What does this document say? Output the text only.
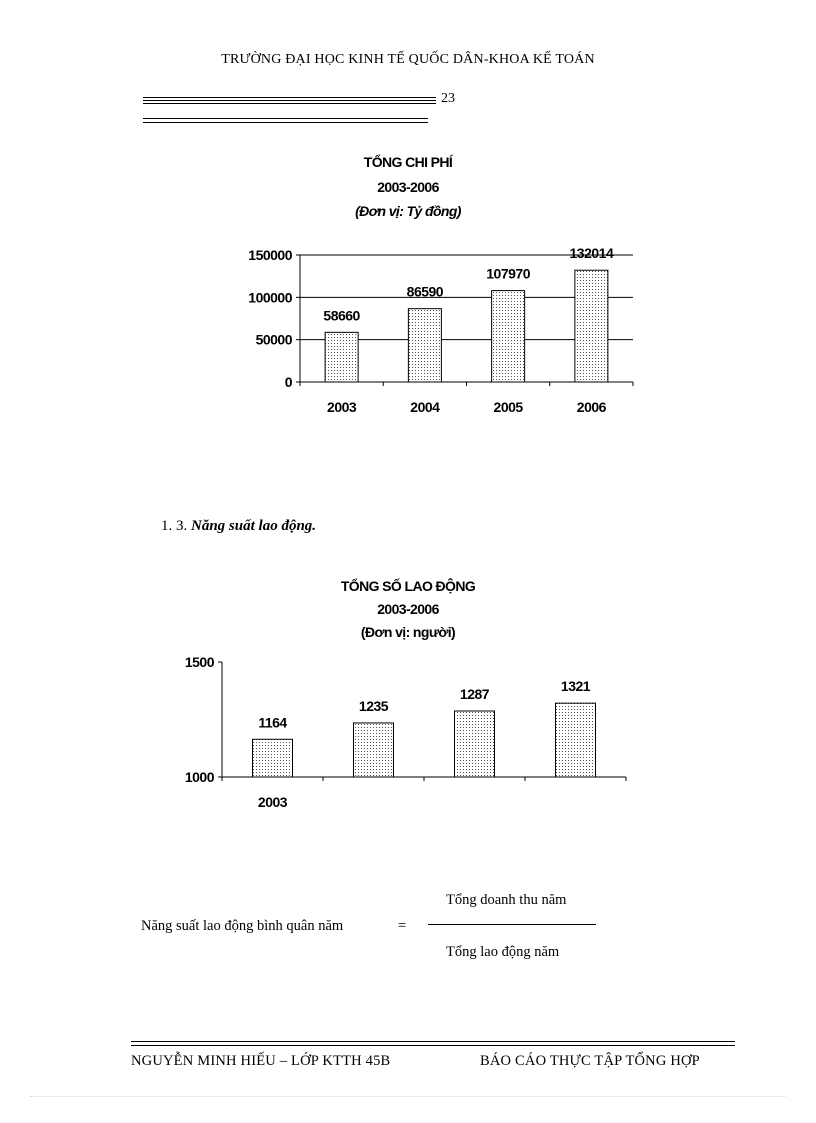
TRƯỜNG ĐẠI HỌC KINH TẾ QUỐC DÂN-KHOA KẾ TOÁN
23
TỔNG CHI PHÍ
2003-2006
(Đơn vị: Tỷ đồng)
0
50000
100000
150000
58660
86590
107970
132014
2003	2004	2005	2006
1000
1500
1164
1235
1287	1321
2003
TỔNG SỐ LAO ĐỘNG
2003-2006
(Đơn vị: người)
1. 3. Năng suất lao động.
Năng suất lao động bình quân năm	=
Tổng doanh thu năm
Tổng lao động năm
NGUYỄN MINH HIẾU – LỚP KTTH 45B	BÁO CÁO THỰC TẬP TỔNG HỢP
